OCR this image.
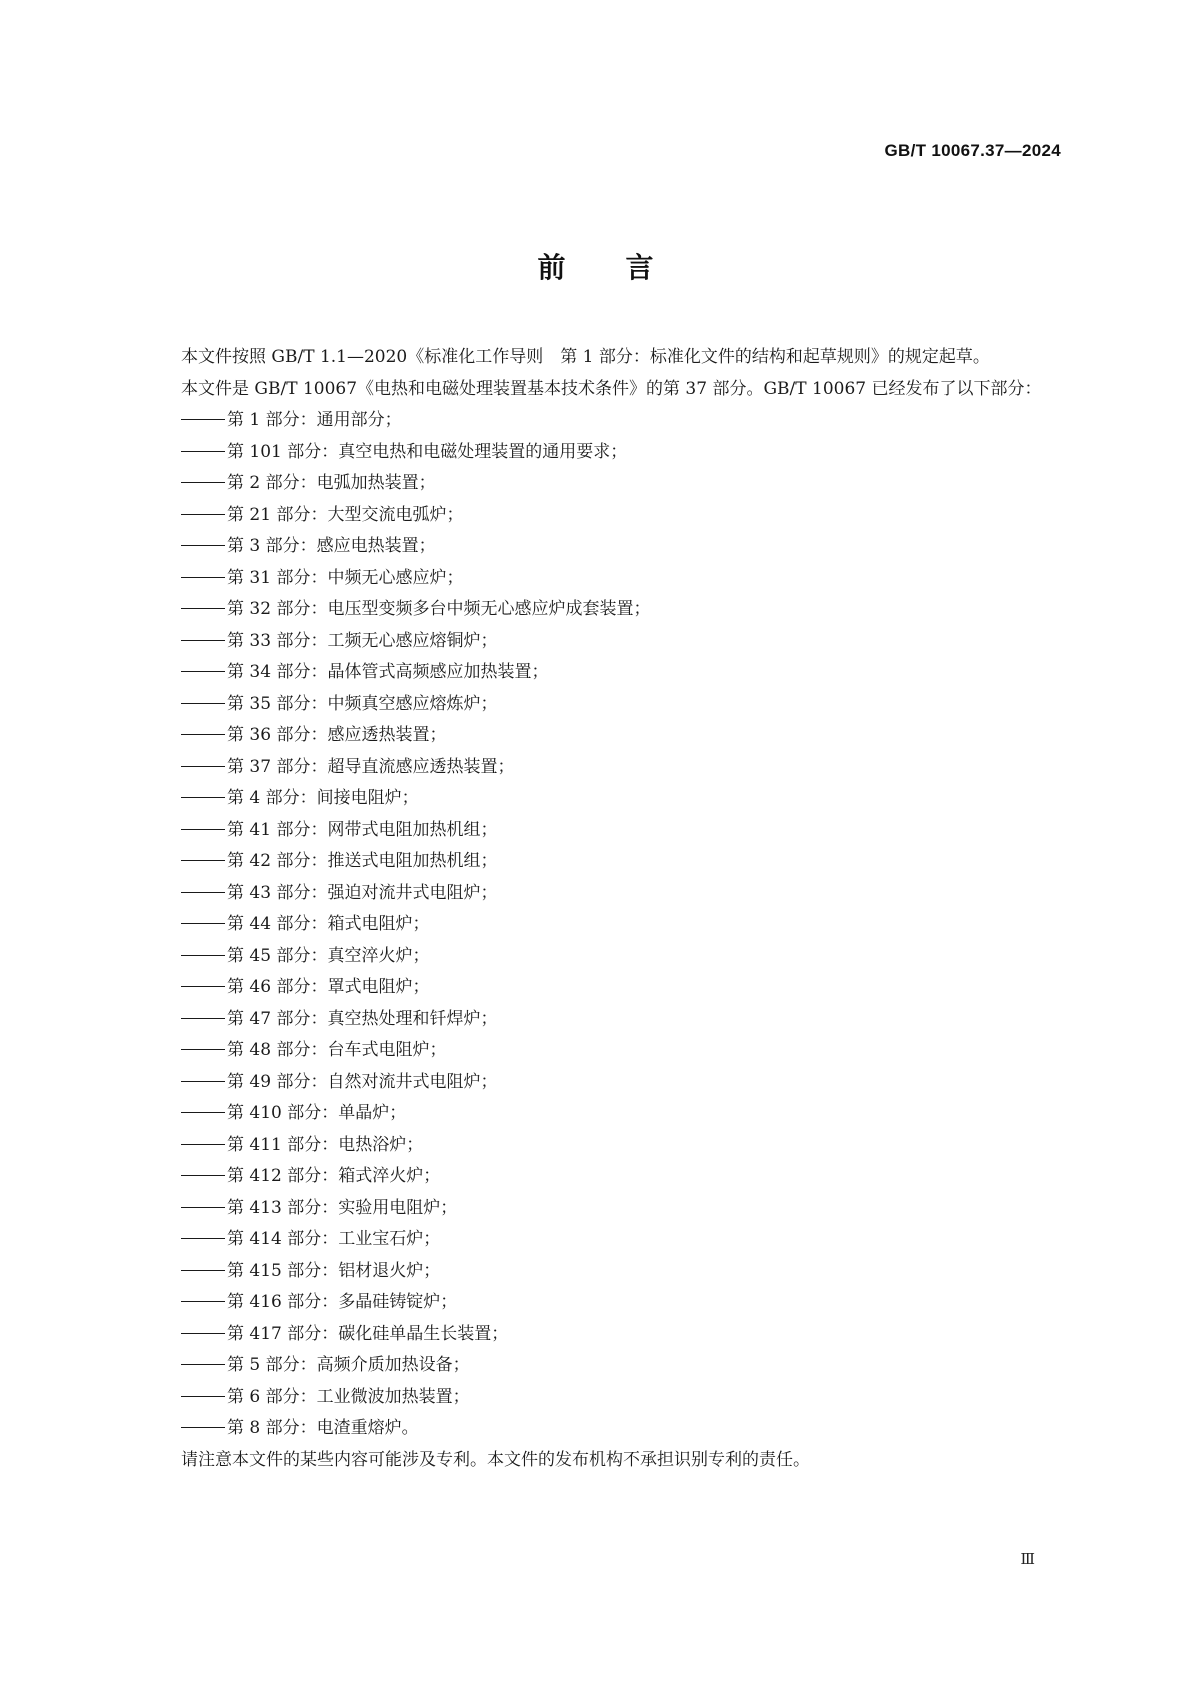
GB/T 10067.37—2024
前言

本文件按照 GB/T 1.1—2020《标准化工作导则　第 1 部分：标准化文件的结构和起草规则》的规定起草。

本文件是 GB/T 10067《电热和电磁处理装置基本技术条件》的第 37 部分。GB/T 10067 已经发布了以下部分：

第 1 部分：通用部分；
第 101 部分：真空电热和电磁处理装置的通用要求；
第 2 部分：电弧加热装置；
第 21 部分：大型交流电弧炉；
第 3 部分：感应电热装置；
第 31 部分：中频无心感应炉；
第 32 部分：电压型变频多台中频无心感应炉成套装置；
第 33 部分：工频无心感应熔铜炉；
第 34 部分：晶体管式高频感应加热装置；
第 35 部分：中频真空感应熔炼炉；
第 36 部分：感应透热装置；
第 37 部分：超导直流感应透热装置；
第 4 部分：间接电阻炉；
第 41 部分：网带式电阻加热机组；
第 42 部分：推送式电阻加热机组；
第 43 部分：强迫对流井式电阻炉；
第 44 部分：箱式电阻炉；
第 45 部分：真空淬火炉；
第 46 部分：罩式电阻炉；
第 47 部分：真空热处理和钎焊炉；
第 48 部分：台车式电阻炉；
第 49 部分：自然对流井式电阻炉；
第 410 部分：单晶炉；
第 411 部分：电热浴炉；
第 412 部分：箱式淬火炉；
第 413 部分：实验用电阻炉；
第 414 部分：工业宝石炉；
第 415 部分：铝材退火炉；
第 416 部分：多晶硅铸锭炉；
第 417 部分：碳化硅单晶生长装置；
第 5 部分：高频介质加热设备；
第 6 部分：工业微波加热装置；
第 8 部分：电渣重熔炉。

请注意本文件的某些内容可能涉及专利。本文件的发布机构不承担识别专利的责任。

Ⅲ
